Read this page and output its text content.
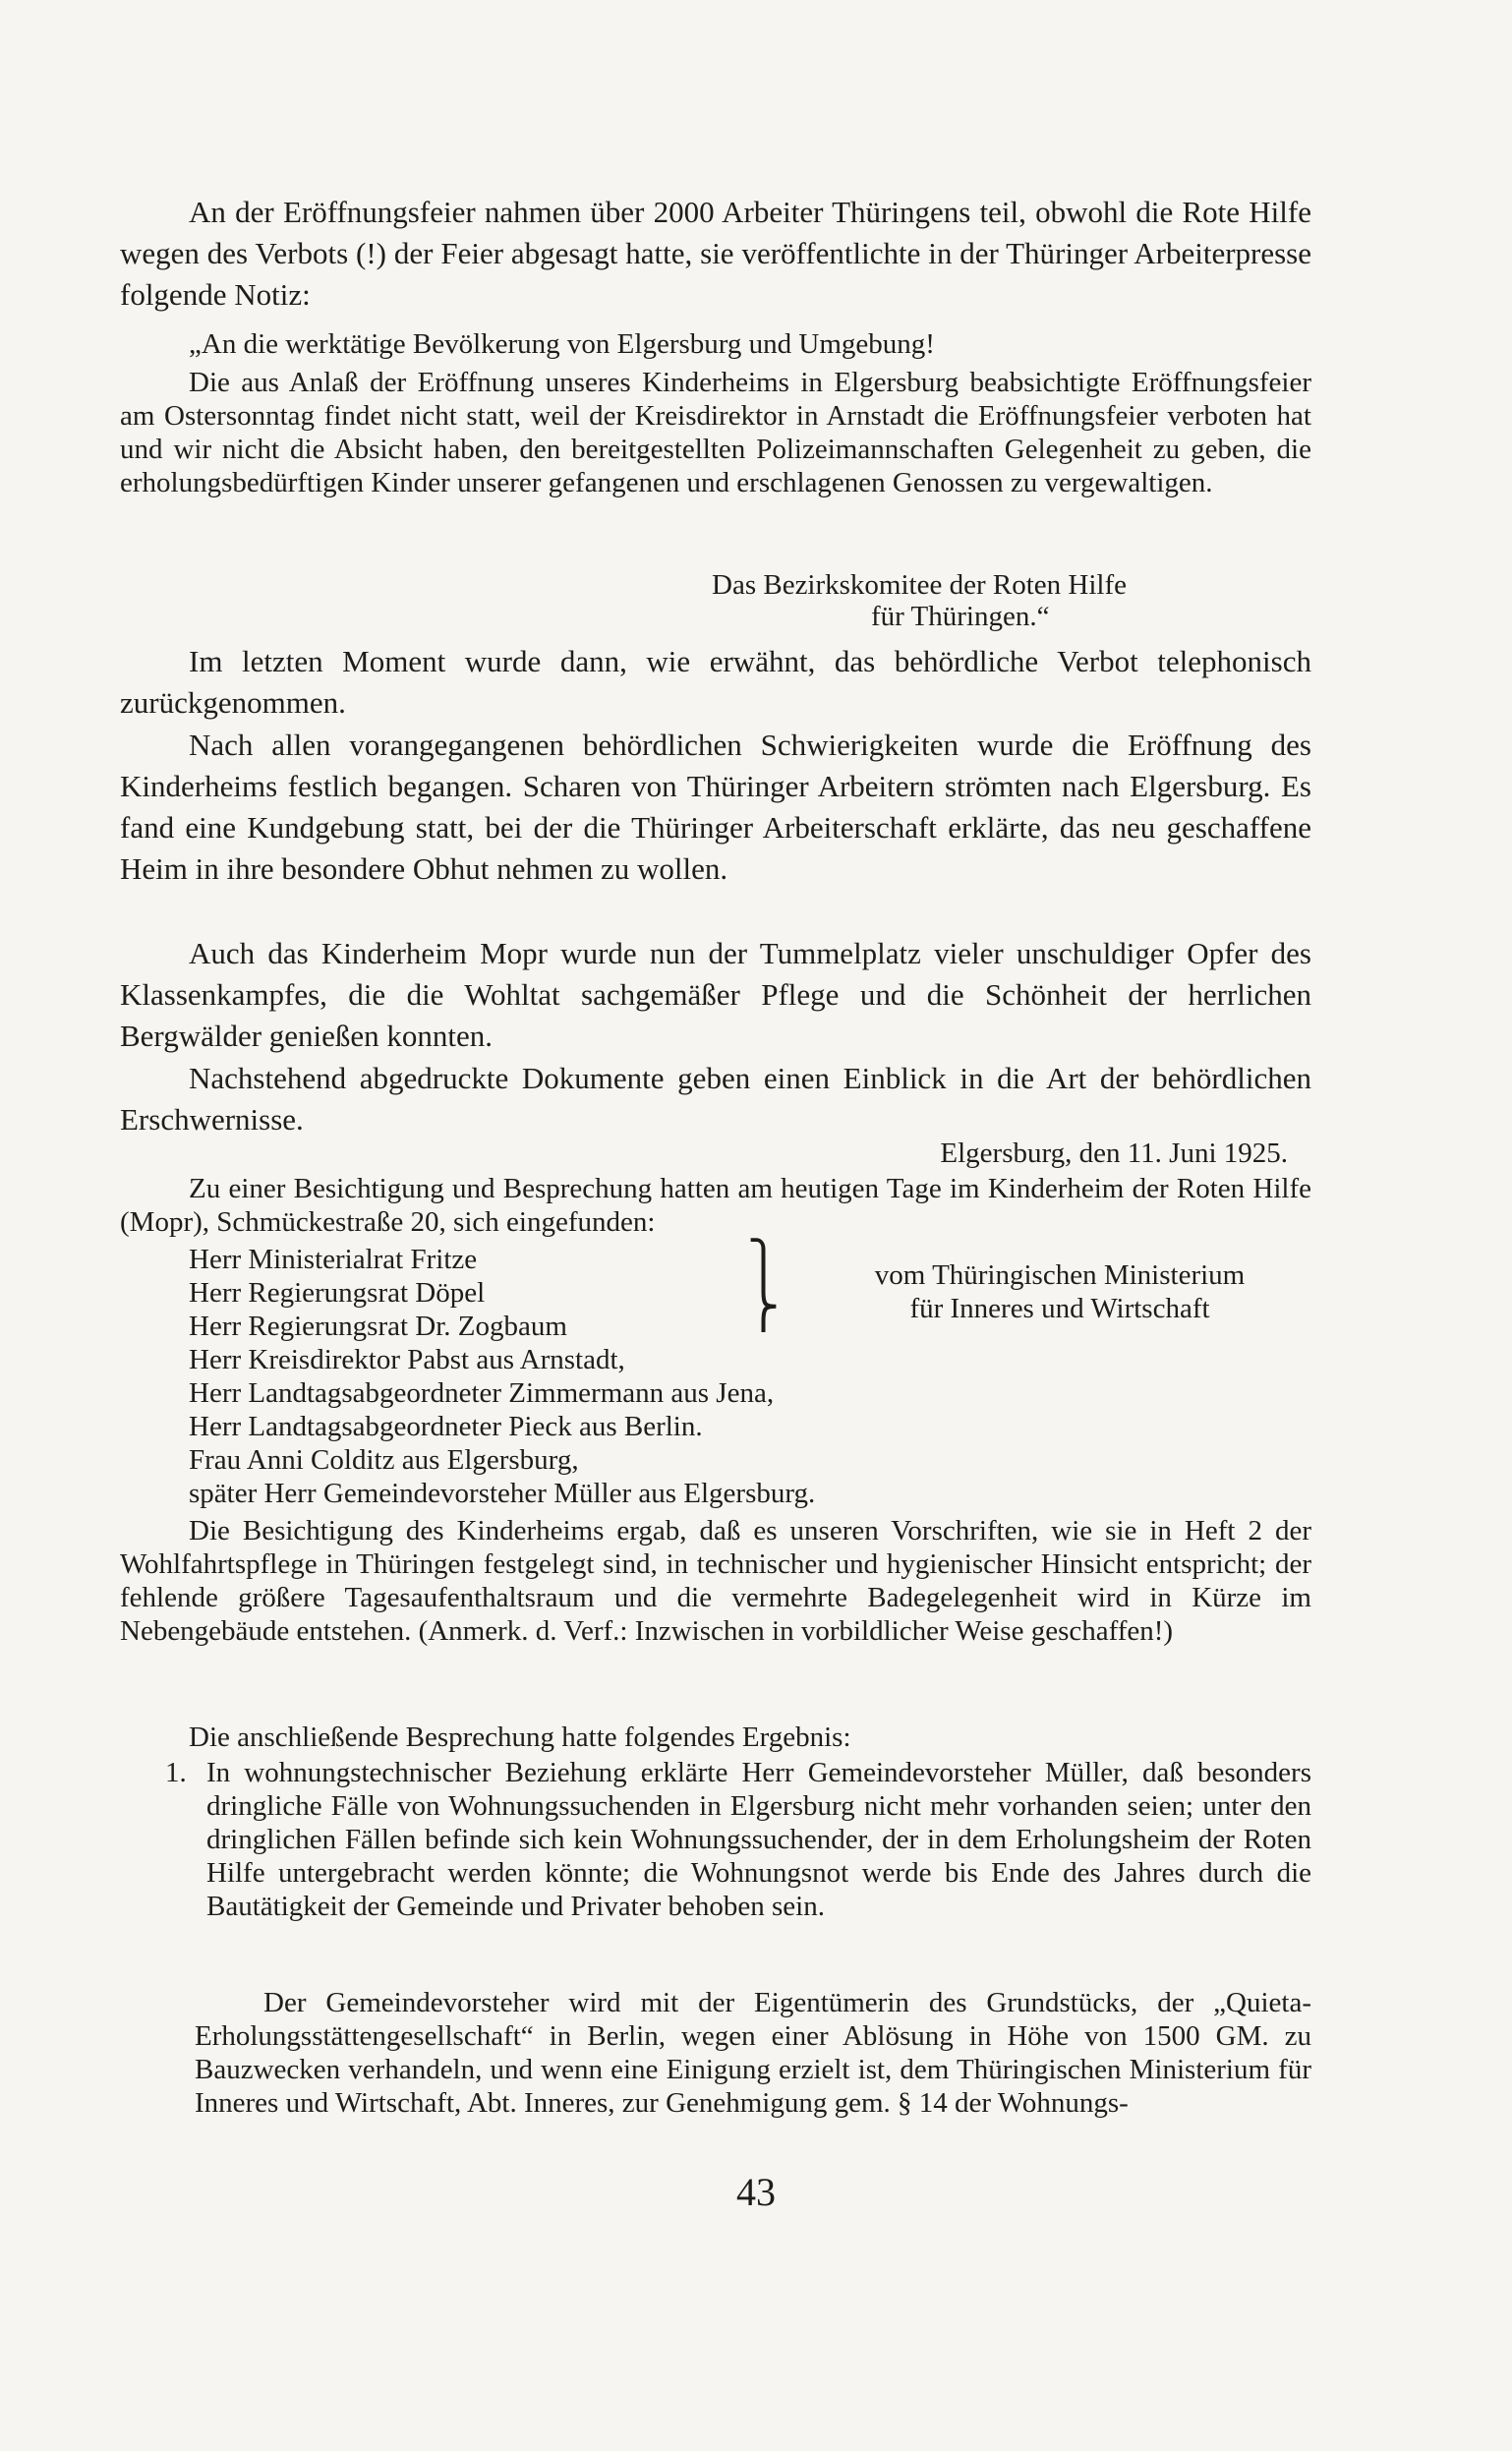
An der Eröffnungsfeier nahmen über 2000 Arbeiter Thüringens teil, obwohl die Rote Hilfe wegen des Verbots (!) der Feier abgesagt hatte, sie veröffentlichte in der Thüringer Arbeiterpresse folgende Notiz:

„An die werktätige Bevölkerung von Elgersburg und Umgebung!

Die aus Anlaß der Eröffnung unseres Kinderheims in Elgersburg beabsichtigte Eröffnungsfeier am Ostersonntag findet nicht statt, weil der Kreisdirektor in Arnstadt die Eröffnungsfeier verboten hat und wir nicht die Absicht haben, den bereitgestellten Polizeimannschaften Gelegenheit zu geben, die erholungsbedürftigen Kinder unserer gefangenen und erschlagenen Genossen zu vergewaltigen.

Das Bezirkskomitee der Roten Hilfe

für Thüringen.“

Im letzten Moment wurde dann, wie erwähnt, das behördliche Verbot telephonisch zurückgenommen.

Nach allen vorangegangenen behördlichen Schwierigkeiten wurde die Eröffnung des Kinderheims festlich begangen. Scharen von Thüringer Arbeitern strömten nach Elgersburg. Es fand eine Kundgebung statt, bei der die Thüringer Arbeiterschaft erklärte, das neu geschaffene Heim in ihre besondere Obhut nehmen zu wollen.

Auch das Kinderheim Mopr wurde nun der Tummelplatz vieler unschuldiger Opfer des Klassenkampfes, die die Wohltat sachgemäßer Pflege und die Schönheit der herrlichen Bergwälder genießen konnten.

Nachstehend abgedruckte Dokumente geben einen Einblick in die Art der behördlichen Erschwernisse.

Elgersburg, den 11. Juni 1925.

Zu einer Besichtigung und Besprechung hatten am heutigen Tage im Kinderheim der Roten Hilfe (Mopr), Schmückestraße 20, sich eingefunden:

Herr Ministerialrat Fritze
Herr Regierungsrat Döpel
Herr Regierungsrat Dr. Zogbaum
⎫
⎬
vom Thüringischen Ministerium
für Inneres und Wirtschaft
Herr Kreisdirektor Pabst aus Arnstadt,
Herr Landtagsabgeordneter Zimmermann aus Jena,
Herr Landtagsabgeordneter Pieck aus Berlin.
Frau Anni Colditz aus Elgersburg,
später Herr Gemeindevorsteher Müller aus Elgersburg.

Die Besichtigung des Kinderheims ergab, daß es unseren Vorschriften, wie sie in Heft 2 der Wohlfahrtspflege in Thüringen festgelegt sind, in technischer und hygienischer Hinsicht entspricht; der fehlende größere Tagesaufenthaltsraum und die vermehrte Badegelegenheit wird in Kürze im Nebengebäude entstehen. (Anmerk. d. Verf.: Inzwischen in vorbildlicher Weise geschaffen!)

Die anschließende Besprechung hatte folgendes Ergebnis:

1. In wohnungstechnischer Beziehung erklärte Herr Gemeindevorsteher Müller, daß besonders dringliche Fälle von Wohnungssuchenden in Elgersburg nicht mehr vorhanden seien; unter den dringlichen Fällen befinde sich kein Wohnungssuchender, der in dem Erholungsheim der Roten Hilfe untergebracht werden könnte; die Wohnungsnot werde bis Ende des Jahres durch die Bautätigkeit der Gemeinde und Privater behoben sein.

Der Gemeindevorsteher wird mit der Eigentümerin des Grundstücks, der „Quieta-Erholungsstättengesellschaft“ in Berlin, wegen einer Ablösung in Höhe von 1500 GM. zu Bauzwecken verhandeln, und wenn eine Einigung erzielt ist, dem Thüringischen Ministerium für Inneres und Wirtschaft, Abt. Inneres, zur Genehmigung gem. § 14 der Wohnungs-

43
